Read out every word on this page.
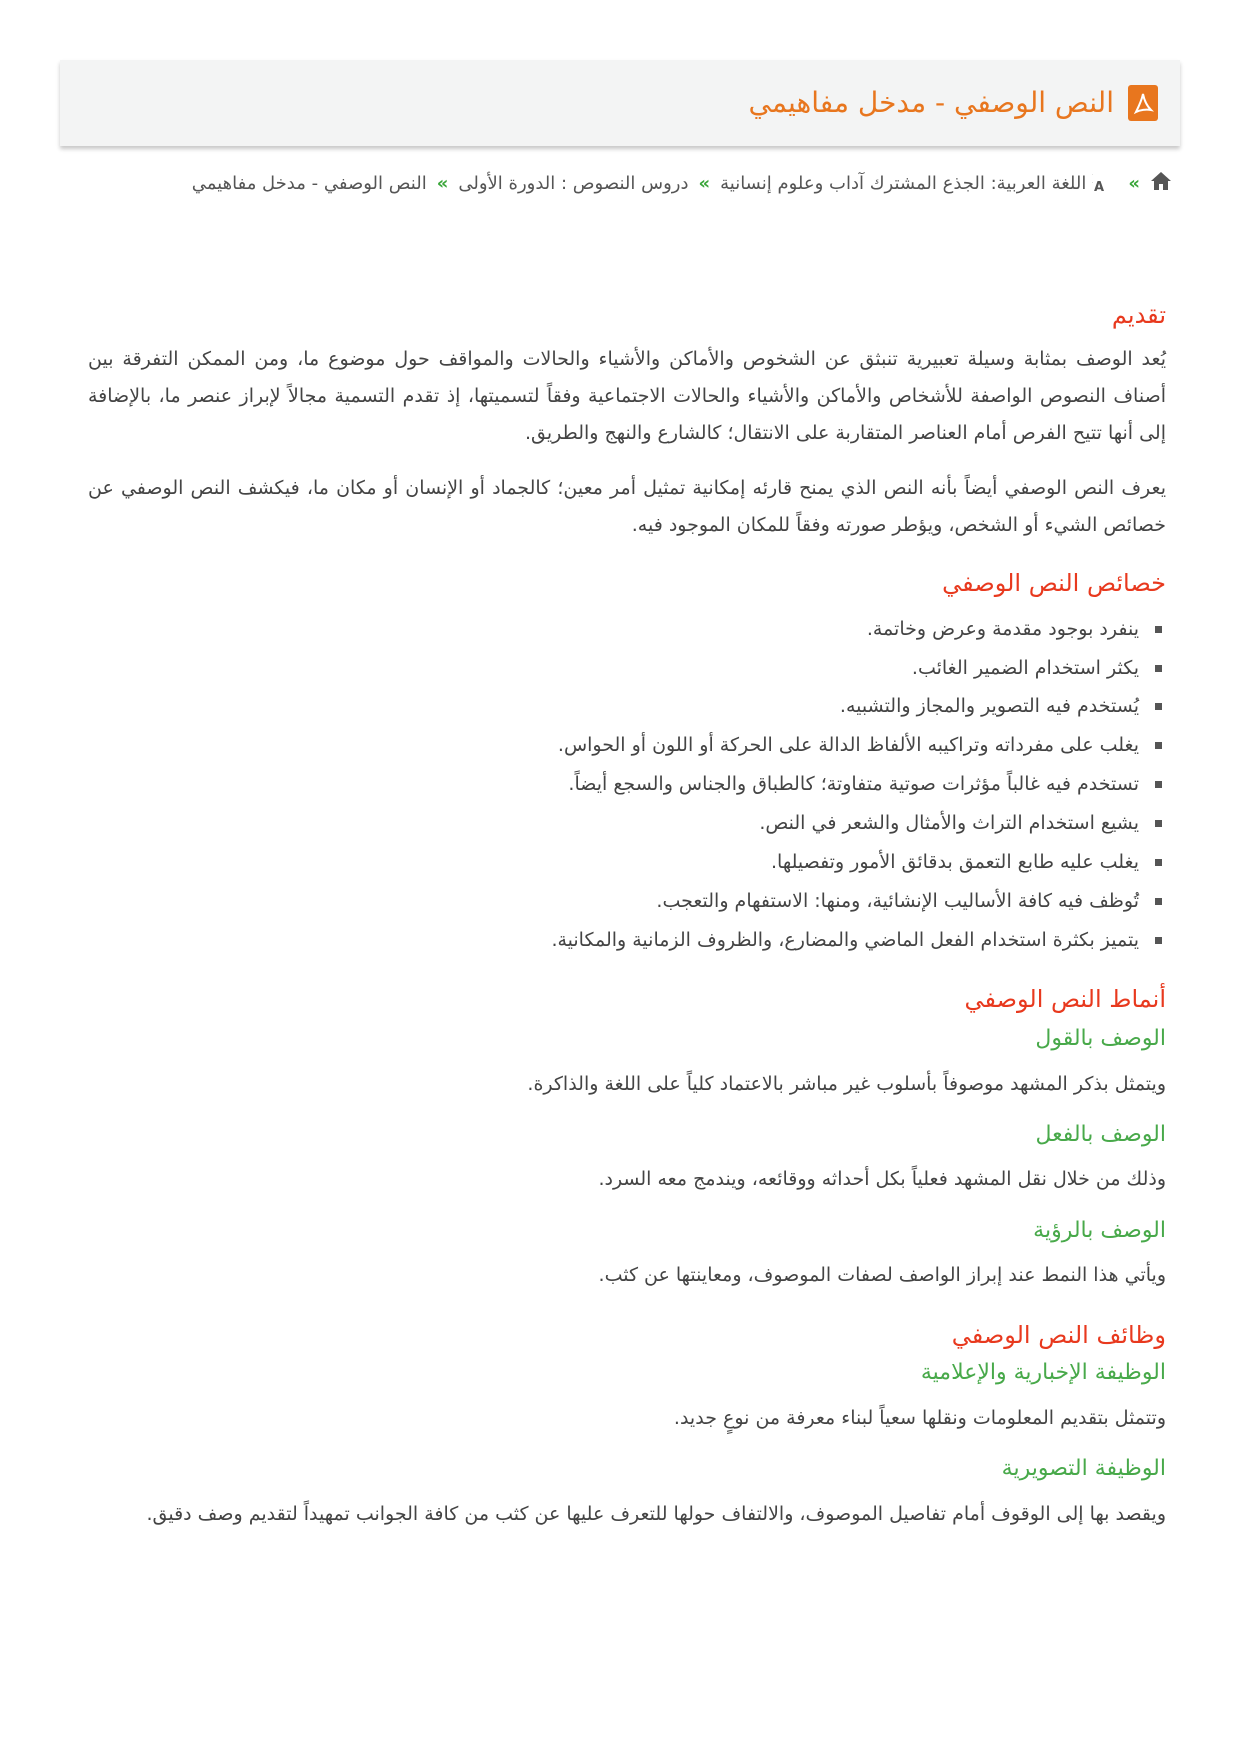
النص الوصفي - مدخل مفاهيمي
»
A
اللغة العربية: الجذع المشترك آداب وعلوم إنسانية
»
دروس النصوص : الدورة الأولى
»
النص الوصفي - مدخل مفاهيمي
تقديم

يُعد الوصف بمثابة وسيلة تعبيرية تنبثق عن الشخوص والأماكن والأشياء والحالات والمواقف حول موضوع ما، ومن الممكن التفرقة بين أصناف النصوص الواصفة للأشخاص والأماكن والأشياء والحالات الاجتماعية وفقاً لتسميتها، إذ تقدم التسمية مجالاً لإبراز عنصر ما، بالإضافة إلى أنها تتيح الفرص أمام العناصر المتقاربة على الانتقال؛ كالشارع والنهج والطريق.

يعرف النص الوصفي أيضاً بأنه النص الذي يمنح قارئه إمكانية تمثيل أمر معين؛ كالجماد أو الإنسان أو مكان ما، فيكشف النص الوصفي عن خصائص الشيء أو الشخص، ويؤطر صورته وفقاً للمكان الموجود فيه.

خصائص النص الوصفي
ينفرد بوجود مقدمة وعرض وخاتمة.
يكثر استخدام الضمير الغائب.
يُستخدم فيه التصوير والمجاز والتشبيه.
يغلب على مفرداته وتراكيبه الألفاظ الدالة على الحركة أو اللون أو الحواس.
تستخدم فيه غالباً مؤثرات صوتية متفاوتة؛ كالطباق والجناس والسجع أيضاً.
يشيع استخدام التراث والأمثال والشعر في النص.
يغلب عليه طابع التعمق بدقائق الأمور وتفصيلها.
تُوظف فيه كافة الأساليب الإنشائية، ومنها: الاستفهام والتعجب.
يتميز بكثرة استخدام الفعل الماضي والمضارع، والظروف الزمانية والمكانية.
أنماط النص الوصفي
الوصف بالقول

ويتمثل بذكر المشهد موصوفاً بأسلوب غير مباشر بالاعتماد كلياً على اللغة والذاكرة.

الوصف بالفعل

وذلك من خلال نقل المشهد فعلياً بكل أحداثه ووقائعه، ويندمج معه السرد.

الوصف بالرؤية

ويأتي هذا النمط عند إبراز الواصف لصفات الموصوف، ومعاينتها عن كثب.

وظائف النص الوصفي
الوظيفة الإخبارية والإعلامية

وتتمثل بتقديم المعلومات ونقلها سعياً لبناء معرفة من نوعٍ جديد.

الوظيفة التصويرية

ويقصد بها إلى الوقوف أمام تفاصيل الموصوف، والالتفاف حولها للتعرف عليها عن كثب من كافة الجوانب تمهيداً لتقديم وصف دقيق.
